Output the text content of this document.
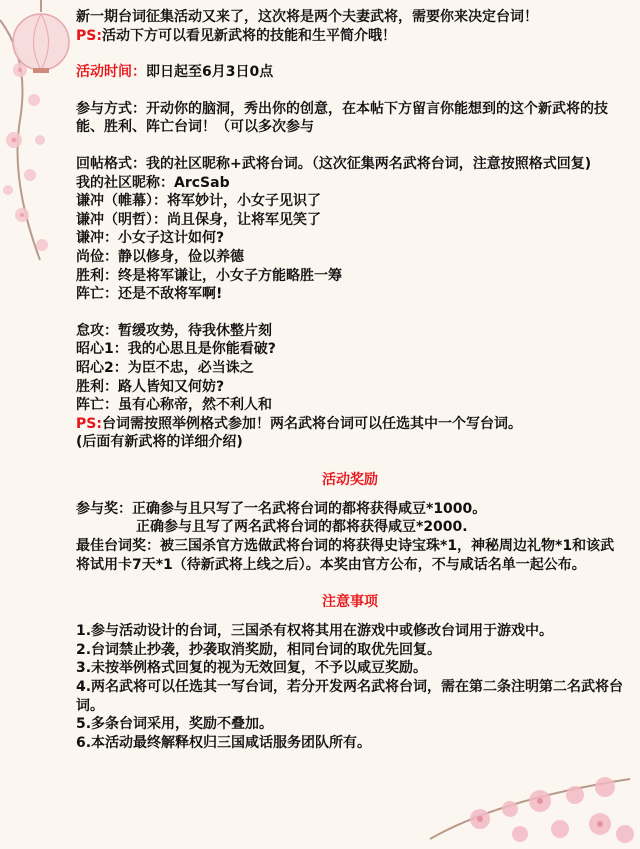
新一期台词征集活动又来了，这次将是两个夫妻武将，需要你来决定台词！
PS:活动下方可以看见新武将的技能和生平简介哦！
活动时间：即日起至6月3日0点
参与方式：开动你的脑洞，秀出你的创意，在本帖下方留言你能想到的这个新武将的技能、胜利、阵亡台词！（可以多次参与
回帖格式：我的社区昵称+武将台词。（这次征集两名武将台词，注意按照格式回复)
我的社区昵称：ArcSab
谦冲（帷幕）：将军妙计，小女子见识了
谦冲（明哲）：尚且保身，让将军见笑了
谦冲：小女子这计如何?
尚俭：静以修身，俭以养德
胜利：终是将军谦让，小女子方能略胜一筹
阵亡：还是不敌将军啊!
怠攻：暂缓攻势，待我休整片刻
昭心1：我的心思且是你能看破?
昭心2：为臣不忠，必当诛之
胜利：路人皆知又何妨?
阵亡：虽有心称帝，然不利人和
PS:台词需按照举例格式参加！两名武将台词可以任选其中一个写台词。
(后面有新武将的详细介绍)
活动奖励
参与奖：正确参与且只写了一名武将台词的都将获得咸豆*1000。
正确参与且写了两名武将台词的都将获得咸豆*2000.
最佳台词奖：被三国杀官方选做武将台词的将获得史诗宝珠*1，神秘周边礼物*1和该武将试用卡7天*1（待新武将上线之后）。本奖由官方公布，不与咸话名单一起公布。
注意事项
1.参与活动设计的台词，三国杀有权将其用在游戏中或修改台词用于游戏中。
2.台词禁止抄袭，抄袭取消奖励，相同台词的取优先回复。
3.未按举例格式回复的视为无效回复，不予以咸豆奖励。
4.两名武将可以任选其一写台词，若分开发两名武将台词，需在第二条注明第二名武将台词。
5.多条台词采用，奖励不叠加。
6.本活动最终解释权归三国咸话服务团队所有。
